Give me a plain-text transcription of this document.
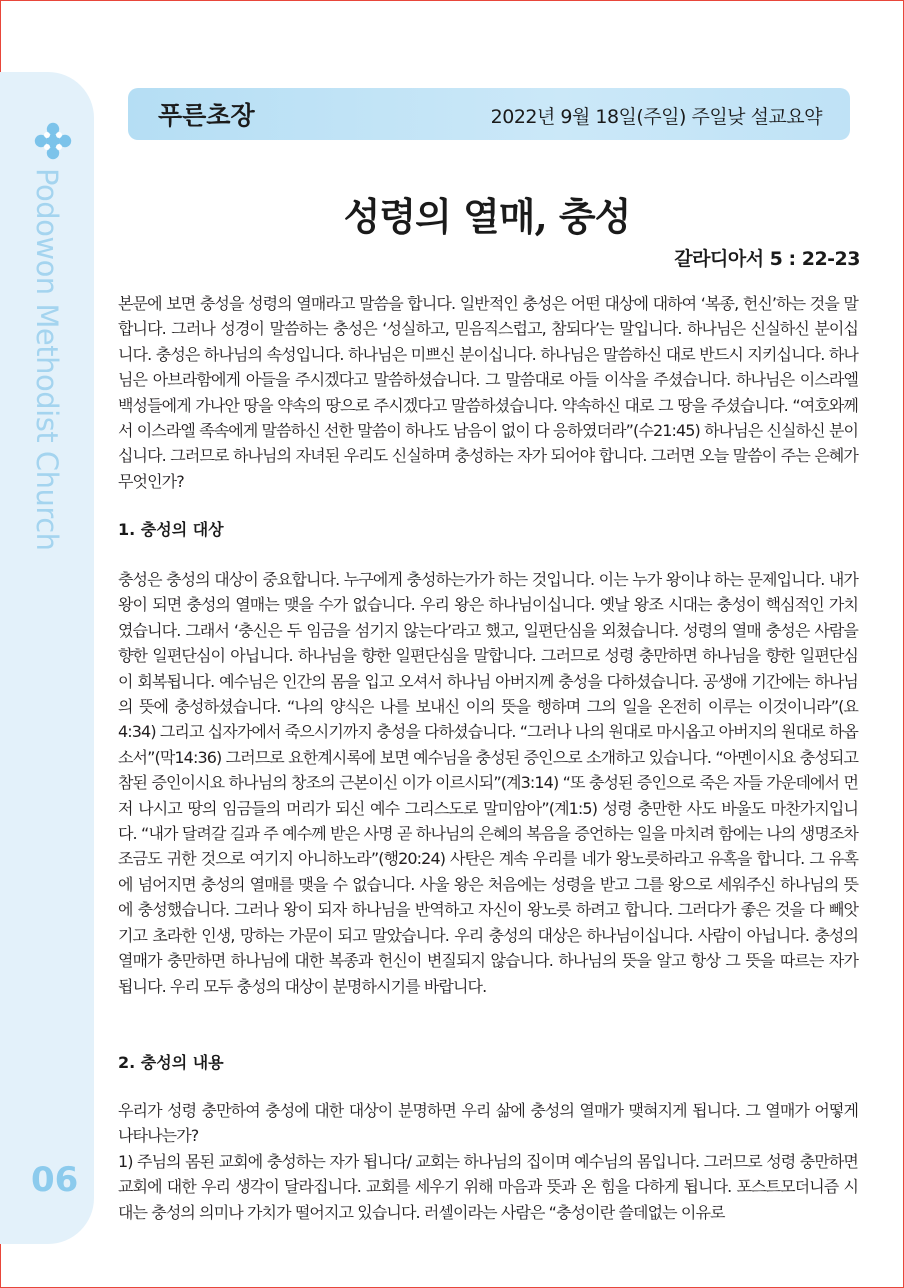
Podowon Methodist Church
06
푸른초장	2022년 9월 18일(주일) 주일낮 설교요약
성령의 열매, 충성
갈라디아서 5 : 22-23

본문에 보면 충성을 성령의 열매라고 말씀을 합니다. 일반적인 충성은 어떤 대상에 대하여 ‘복종, 헌신’하는 것을 말합니다. 그러나 성경이 말씀하는 충성은 ‘성실하고, 믿음직스럽고, 참되다’는 말입니다. 하나님은 신실하신 분이십니다. 충성은 하나님의 속성입니다. 하나님은 미쁘신 분이십니다. 하나님은 말씀하신 대로 반드시 지키십니다. 하나님은 아브라함에게 아들을 주시겠다고 말씀하셨습니다. 그 말씀대로 아들 이삭을 주셨습니다. 하나님은 이스라엘 백성들에게 가나안 땅을 약속의 땅으로 주시겠다고 말씀하셨습니다. 약속하신 대로 그 땅을 주셨습니다. “여호와께서 이스라엘 족속에게 말씀하신 선한 말씀이 하나도 남음이 없이 다 응하였더라”(수21:45) 하나님은 신실하신 분이십니다. 그러므로 하나님의 자녀된 우리도 신실하며 충성하는 자가 되어야 합니다. 그러면 오늘 말씀이 주는 은혜가 무엇인가?

1. 충성의 대상

충성은 충성의 대상이 중요합니다. 누구에게 충성하는가가 하는 것입니다. 이는 누가 왕이냐 하는 문제입니다. 내가 왕이 되면 충성의 열매는 맺을 수가 없습니다. 우리 왕은 하나님이십니다. 옛날 왕조 시대는 충성이 핵심적인 가치였습니다. 그래서 ‘충신은 두 임금을 섬기지 않는다’라고 했고, 일편단심을 외쳤습니다. 성령의 열매 충성은 사람을 향한 일편단심이 아닙니다. 하나님을 향한 일편단심을 말합니다. 그러므로 성령 충만하면 하나님을 향한 일편단심이 회복됩니다. 예수님은 인간의 몸을 입고 오셔서 하나님 아버지께 충성을 다하셨습니다. 공생애 기간에는 하나님의 뜻에 충성하셨습니다. “나의 양식은 나를 보내신 이의 뜻을 행하며 그의 일을 온전히 이루는 이것이니라”(요4:34) 그리고 십자가에서 죽으시기까지 충성을 다하셨습니다. “그러나 나의 원대로 마시옵고 아버지의 원대로 하옵소서”(막14:36) 그러므로 요한계시록에 보면 예수님을 충성된 증인으로 소개하고 있습니다. “아멘이시요 충성되고 참된 증인이시요 하나님의 창조의 근본이신 이가 이르시되”(계3:14) “또 충성된 증인으로 죽은 자들 가운데에서 먼저 나시고 땅의 임금들의 머리가 되신 예수 그리스도로 말미암아”(계1:5) 성령 충만한 사도 바울도 마찬가지입니다. “내가 달려갈 길과 주 예수께 받은 사명 곧 하나님의 은혜의 복음을 증언하는 일을 마치려 함에는 나의 생명조차 조금도 귀한 것으로 여기지 아니하노라”(행20:24) 사탄은 계속 우리를 네가 왕노릇하라고 유혹을 합니다. 그 유혹에 넘어지면 충성의 열매를 맺을 수 없습니다. 사울 왕은 처음에는 성령을 받고 그를 왕으로 세워주신 하나님의 뜻에 충성했습니다. 그러나 왕이 되자 하나님을 반역하고 자신이 왕노릇 하려고 합니다. 그러다가 좋은 것을 다 빼앗기고 초라한 인생, 망하는 가문이 되고 말았습니다. 우리 충성의 대상은 하나님이십니다. 사람이 아닙니다. 충성의 열매가 충만하면 하나님에 대한 복종과 헌신이 변질되지 않습니다. 하나님의 뜻을 알고 항상 그 뜻을 따르는 자가 됩니다. 우리 모두 충성의 대상이 분명하시기를 바랍니다.

2. 충성의 내용

우리가 성령 충만하여 충성에 대한 대상이 분명하면 우리 삶에 충성의 열매가 맺혀지게 됩니다. 그 열매가 어떻게 나타나는가?

1) 주님의 몸된 교회에 충성하는 자가 됩니다/ 교회는 하나님의 집이며 예수님의 몸입니다. 그러므로 성령 충만하면 교회에 대한 우리 생각이 달라집니다. 교회를 세우기 위해 마음과 뜻과 온 힘을 다하게 됩니다. 포스트모더니즘 시대는 충성의 의미나 가치가 떨어지고 있습니다. 러셀이라는 사람은 “충성이란 쓸데없는 이유로
